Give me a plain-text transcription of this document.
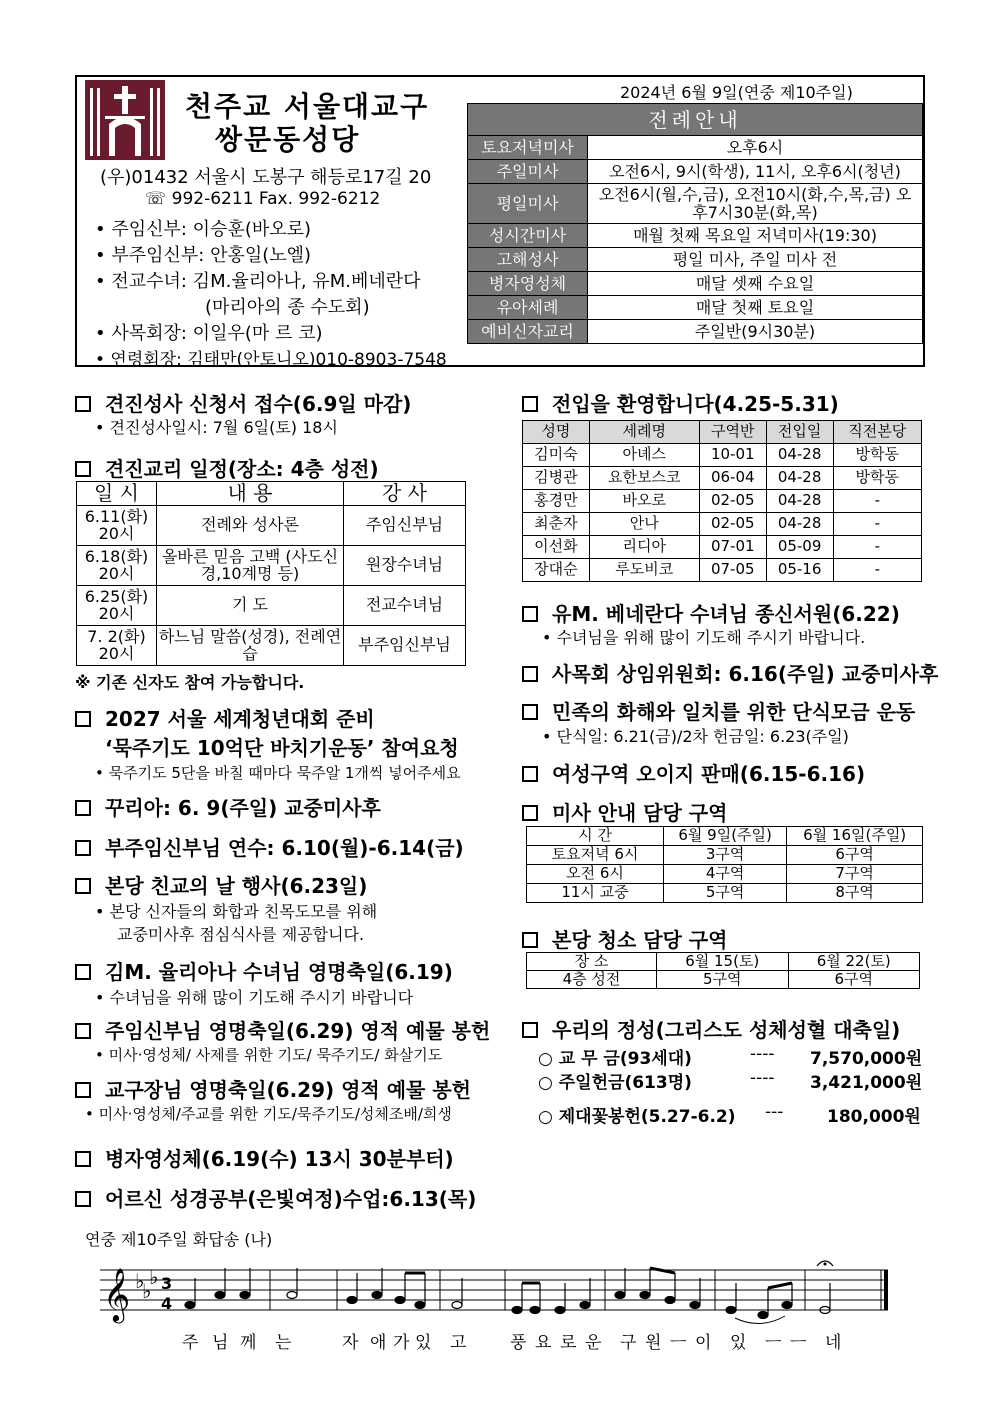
천주교 서울대교구
쌍문동성당
(우)01432 서울시 도봉구 해등로17길 20
☏ 992-6211 Fax. 992-6212
• 주임신부: 이승훈(바오로)
• 부주임신부: 안홍일(노엘)
• 전교수녀: 김M.율리아나, 유M.베네란다
(마리아의 종 수도회)
• 사목회장: 이일우(마 르 코)
• 연령회장: 김태만(안토니오)010-8903-7548
2024년 6월 9일(연중 제10주일)
전례안내	
토요저녁미사	오후6시
주일미사	오전6시, 9시(학생), 11시, 오후6시(청년)
평일미사	오전6시(월,수,금), 오전10시(화,수,목,금) 오후7시30분(화,목)
성시간미사	매월 첫째 목요일 저녁미사(19:30)
고해성사	평일 미사, 주일 미사 전
병자영성체	매달 셋째 수요일
유아세례	매달 첫째 토요일
예비신자교리	주일반(9시30분)
견진성사 신청서 접수(6.9일 마감)
• 견진성사일시: 7월 6일(토) 18시
견진교리 일정(장소: 4층 성전)
일 시	내 용	강 사
6.11(화) 20시	전례와 성사론	주임신부님
6.18(화) 20시	올바른 믿음 고백 (사도신경,10계명 등)	원장수녀님
6.25(화) 20시	기 도	전교수녀님
7. 2(화) 20시	하느님 말씀(성경), 전례연습	부주임신부님
※ 기존 신자도 참여 가능합니다.
2027 서울 세계청년대회 준비
‘묵주기도 10억단 바치기운동’ 참여요청
• 묵주기도 5단을 바칠 때마다 묵주알 1개씩 넣어주세요
꾸리아: 6. 9(주일) 교중미사후
부주임신부님 연수: 6.10(월)-6.14(금)
본당 친교의 날 행사(6.23일)
• 본당 신자들의 화합과 친목도모를 위해
교중미사후 점심식사를 제공합니다.
김M. 율리아나 수녀님 영명축일(6.19)
• 수녀님을 위해 많이 기도해 주시기 바랍니다
주임신부님 영명축일(6.29) 영적 예물 봉헌
• 미사·영성체/ 사제를 위한 기도/ 묵주기도/ 화살기도
교구장님 영명축일(6.29) 영적 예물 봉헌
• 미사·영성체/주교를 위한 기도/묵주기도/성체조배/희생
병자영성체(6.19(수) 13시 30분부터)
어르신 성경공부(은빛여정)수업:6.13(목)
전입을 환영합니다(4.25-5.31)
성명	세례명	구역반	전입일	직전본당
김미숙	아녜스	10-01	04-28	방학동
김병관	요한보스코	06-04	04-28	방학동
홍경만	바오로	02-05	04-28	-
최춘자	안나	02-05	04-28	-
이선화	리디아	07-01	05-09	-
장대순	루도비코	07-05	05-16	-
유M. 베네란다 수녀님 종신서원(6.22)
• 수녀님을 위해 많이 기도해 주시기 바랍니다.
사목회 상임위원회: 6.16(주일) 교중미사후
민족의 화해와 일치를 위한 단식모금 운동
• 단식일: 6.21(금)/2차 헌금일: 6.23(주일)
여성구역 오이지 판매(6.15-6.16)
미사 안내 담당 구역
시 간	6월 9일(주일)	6월 16일(주일)
토요저녁 6시	3구역	6구역
오전 6시	4구역	7구역
11시 교중	5구역	8구역
본당 청소 담당 구역
장 소	6월 15(토)	6월 22(토)
4층 성전	5구역	6구역
우리의 정성(그리스도 성체성혈 대축일)
○ 교 무 금(93세대)	---- 7,570,000원
○ 주일헌금(613명)	---- 3,421,000원
○ 제대꽃봉헌(5.27-6.2) ---	180,000원
연중 제10주일 화답송 (나)
𝄞 ♭
♭
♭ 3
4
주 님 께 는	자 애 가 있 고	풍 요 로 운 구 원 ㅡ 이 있 ㅡ ㅡ 네
